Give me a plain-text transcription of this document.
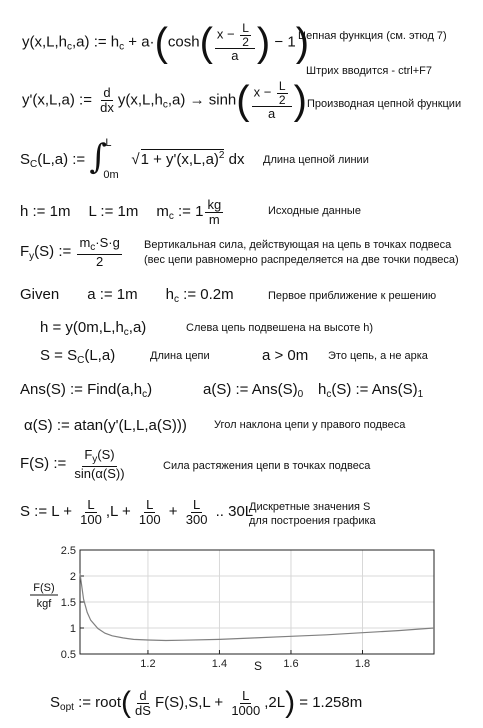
$y(x,L,h_c,a)$ := $h_c + a\cdot(\cosh( \frac{x - \frac{L}{2}}{a}$ ) − 1)
Цепная функция (см. этюд 7)
Штрих вводится - ctrl+F7
y'(x,L,a) := $\frac{d}{dx} y(x,L,h_c,a) \to \sinh( \frac{x - \frac{L}{2}}{a}$ ) Производная цепной функции
$S_C(L,a)$ := ∫
L
0m
$√1 + y'(x,L,a)^2$ dx Длина цепной линии
h := 1m L := 1m $m_c$ := $1 \frac{kg}{m}$	Исходные данные
$F_y(S)$ := $\frac{m_c\cdot S\cdot g}{2}$ Вертикальная сила, действующая на цепь в точках подвеса
(вес цепи равномерно распределяется на две точки подвеса)
Given a := 1m $h_c$ := 0.2m	Первое приближение к решению
$h = y(0m,L,h_c,a)$	Слева цепь подвешена на высоте h)
$S = S_C(L,a)$	Длина цепи	a > 0m Это цепь, а не арка
Ans(S) := $Find(a,h_c)$	a(S) := $Ans(S)_0$ $h_c(S)$ := $Ans(S)_1$
α(S) := atan(y'(L,L,a(S))) Угол наклона цепи у правого подвеса
F(S) := $\frac{F_y(S)}{\sin(\alpha(S))}$	Сила растяжения цепи в точках подвеса
S := $L + \frac{L}{100} ,L + \frac{L}{100} + \frac{L}{300}$ .. 30L
Дискретные значения S
для построения графика
0.5
1
1.5
2
2.5
1.2	1.4	1.6	1.8
F(S)
kgf
S
$S_{opt}$ := root( $\frac{d}{dS} F(S),S,L + \frac{L}{1000} ,2L) = 1.258m$
